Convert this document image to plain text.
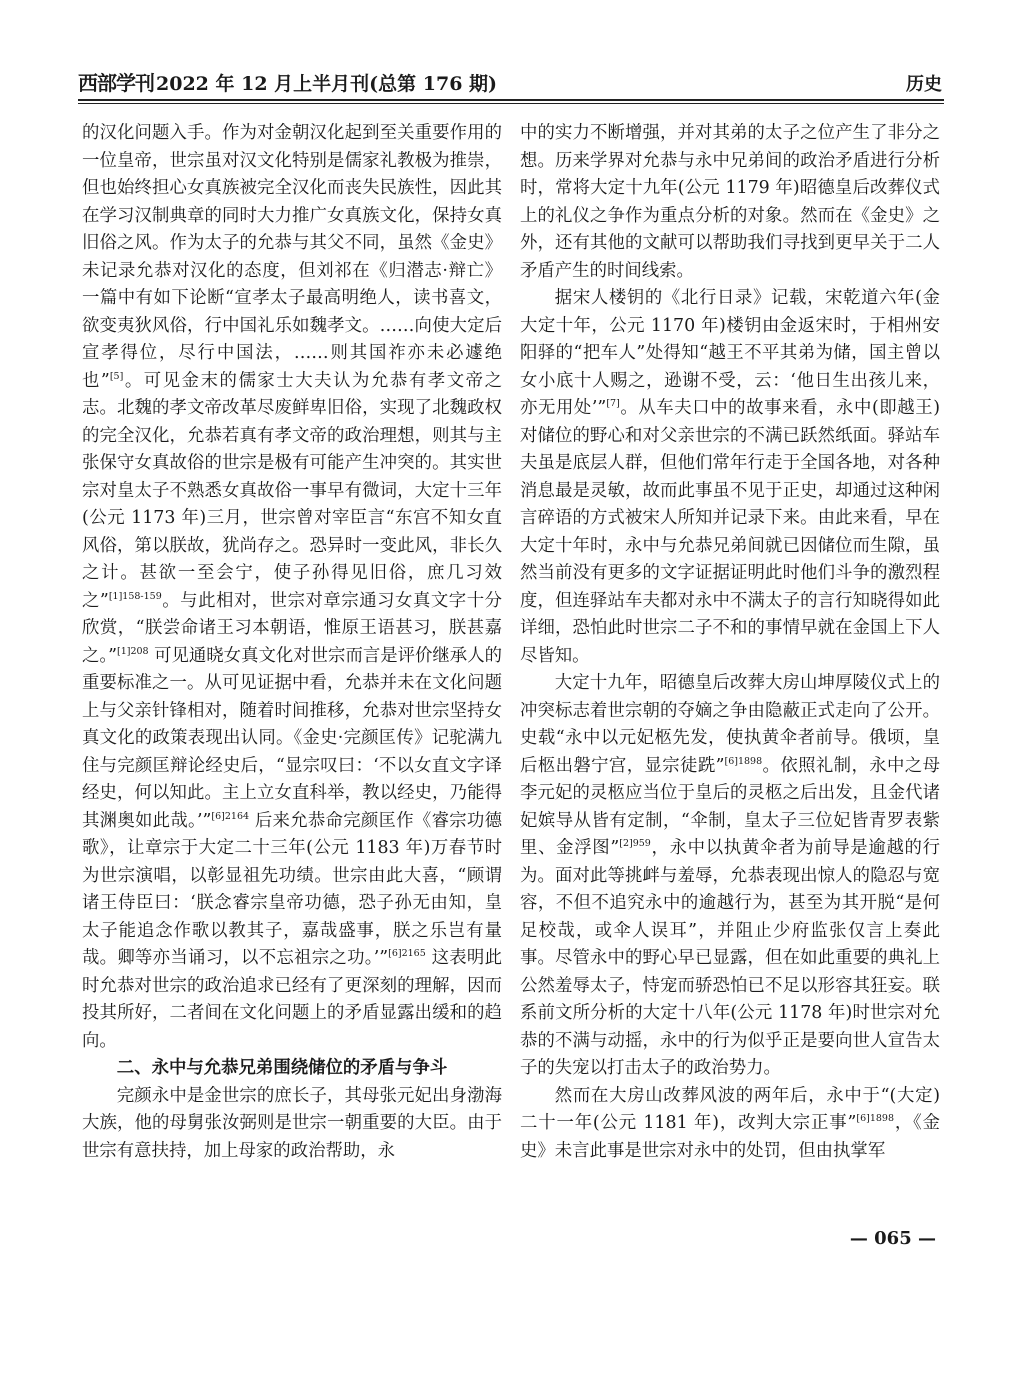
西部学刊 2022 年 12 月上半月刊(总第 176 期)	历史

的汉化问题入手。作为对金朝汉化起到至关重要作用的一位皇帝，世宗虽对汉文化特别是儒家礼教极为推崇，但也始终担心女真族被完全汉化而丧失民族性，因此其在学习汉制典章的同时大力推广女真族文化，保持女真旧俗之风。作为太子的允恭与其父不同，虽然《金史》未记录允恭对汉化的态度，但刘祁在《归潜志·辩亡》一篇中有如下论断“宣孝太子最高明绝人，读书喜文，欲变夷狄风俗，行中国礼乐如魏孝文。……向使大定后宣孝得位，尽行中国法，……则其国祚亦未必遽绝也”[5]。可见金末的儒家士大夫认为允恭有孝文帝之志。北魏的孝文帝改革尽废鲜卑旧俗，实现了北魏政权的完全汉化，允恭若真有孝文帝的政治理想，则其与主张保守女真故俗的世宗是极有可能产生冲突的。其实世宗对皇太子不熟悉女真故俗一事早有微词，大定十三年(公元 1173 年)三月，世宗曾对宰臣言“东宫不知女直风俗，第以朕故，犹尚存之。恐异时一变此风，非长久之计。甚欲一至会宁，使子孙得见旧俗，庶几习效之”$^{[1]158-159}$。与此相对，世宗对章宗通习女真文字十分欣赏，“朕尝命诸王习本朝语，惟原王语甚习，朕甚嘉之。”$^{[1]208}$ 可见通晓女真文化对世宗而言是评价继承人的重要标准之一。从可见证据中看，允恭并未在文化问题上与父亲针锋相对，随着时间推移，允恭对世宗坚持女真文化的政策表现出认同。《金史·完颜匡传》记驼满九住与完颜匡辩论经史后，“显宗叹曰：‘不以女直文字译经史，何以知此。主上立女直科举，教以经史，乃能得其渊奥如此哉。’”$^{[6]2164}$ 后来允恭命完颜匡作《睿宗功德歌》，让章宗于大定二十三年(公元 1183 年)万春节时为世宗演唱，以彰显祖先功绩。世宗由此大喜，“顾谓诸王侍臣曰：‘朕念睿宗皇帝功德，恐子孙无由知，皇太子能追念作歌以教其子，嘉哉盛事，朕之乐岂有量哉。卿等亦当诵习，以不忘祖宗之功。’”$^{[6]2165}$ 这表明此时允恭对世宗的政治追求已经有了更深刻的理解，因而投其所好，二者间在文化问题上的矛盾显露出缓和的趋向。

二、永中与允恭兄弟围绕储位的矛盾与争斗

完颜永中是金世宗的庶长子，其母张元妃出身渤海大族，他的母舅张汝弼则是世宗一朝重要的大臣。由于世宗有意扶持，加上母家的政治帮助，永

中的实力不断增强，并对其弟的太子之位产生了非分之想。历来学界对允恭与永中兄弟间的政治矛盾进行分析时，常将大定十九年(公元 1179 年)昭德皇后改葬仪式上的礼仪之争作为重点分析的对象。然而在《金史》之外，还有其他的文献可以帮助我们寻找到更早关于二人矛盾产生的时间线索。

据宋人楼钥的《北行日录》记载，宋乾道六年(金大定十年，公元 1170 年)楼钥由金返宋时，于相州安阳驿的“把车人”处得知“越王不平其弟为储，国主曾以女小底十人赐之，逊谢不受，云：‘他日生出孩儿来，亦无用处’”[7]。从车夫口中的故事来看，永中(即越王)对储位的野心和对父亲世宗的不满已跃然纸面。驿站车夫虽是底层人群，但他们常年行走于全国各地，对各种消息最是灵敏，故而此事虽不见于正史，却通过这种闲言碎语的方式被宋人所知并记录下来。由此来看，早在大定十年时，永中与允恭兄弟间就已因储位而生隙，虽然当前没有更多的文字证据证明此时他们斗争的激烈程度，但连驿站车夫都对永中不满太子的言行知晓得如此详细，恐怕此时世宗二子不和的事情早就在金国上下人尽皆知。

大定十九年，昭德皇后改葬大房山坤厚陵仪式上的冲突标志着世宗朝的夺嫡之争由隐蔽正式走向了公开。史载“永中以元妃柩先发，使执黄伞者前导。俄顷，皇后柩出磐宁宫，显宗徒跣”$^{[6]1898}$。依照礼制，永中之母李元妃的灵柩应当位于皇后的灵柩之后出发，且金代诸妃嫔导从皆有定制，“伞制，皇太子三位妃皆青罗表紫里、金浮图”$^{[2]959}$，永中以执黄伞者为前导是逾越的行为。面对此等挑衅与羞辱，允恭表现出惊人的隐忍与宽容，不但不追究永中的逾越行为，甚至为其开脱“是何足校哉，或伞人误耳”，并阻止少府监张仅言上奏此事。尽管永中的野心早已显露，但在如此重要的典礼上公然羞辱太子，恃宠而骄恐怕已不足以形容其狂妄。联系前文所分析的大定十八年(公元 1178 年)时世宗对允恭的不满与动摇，永中的行为似乎正是要向世人宣告太子的失宠以打击太子的政治势力。

然而在大房山改葬风波的两年后，永中于“(大定)二十一年(公元 1181 年)，改判大宗正事”$^{[6]1898}$，《金史》未言此事是世宗对永中的处罚，但由执掌军

— 065 —
